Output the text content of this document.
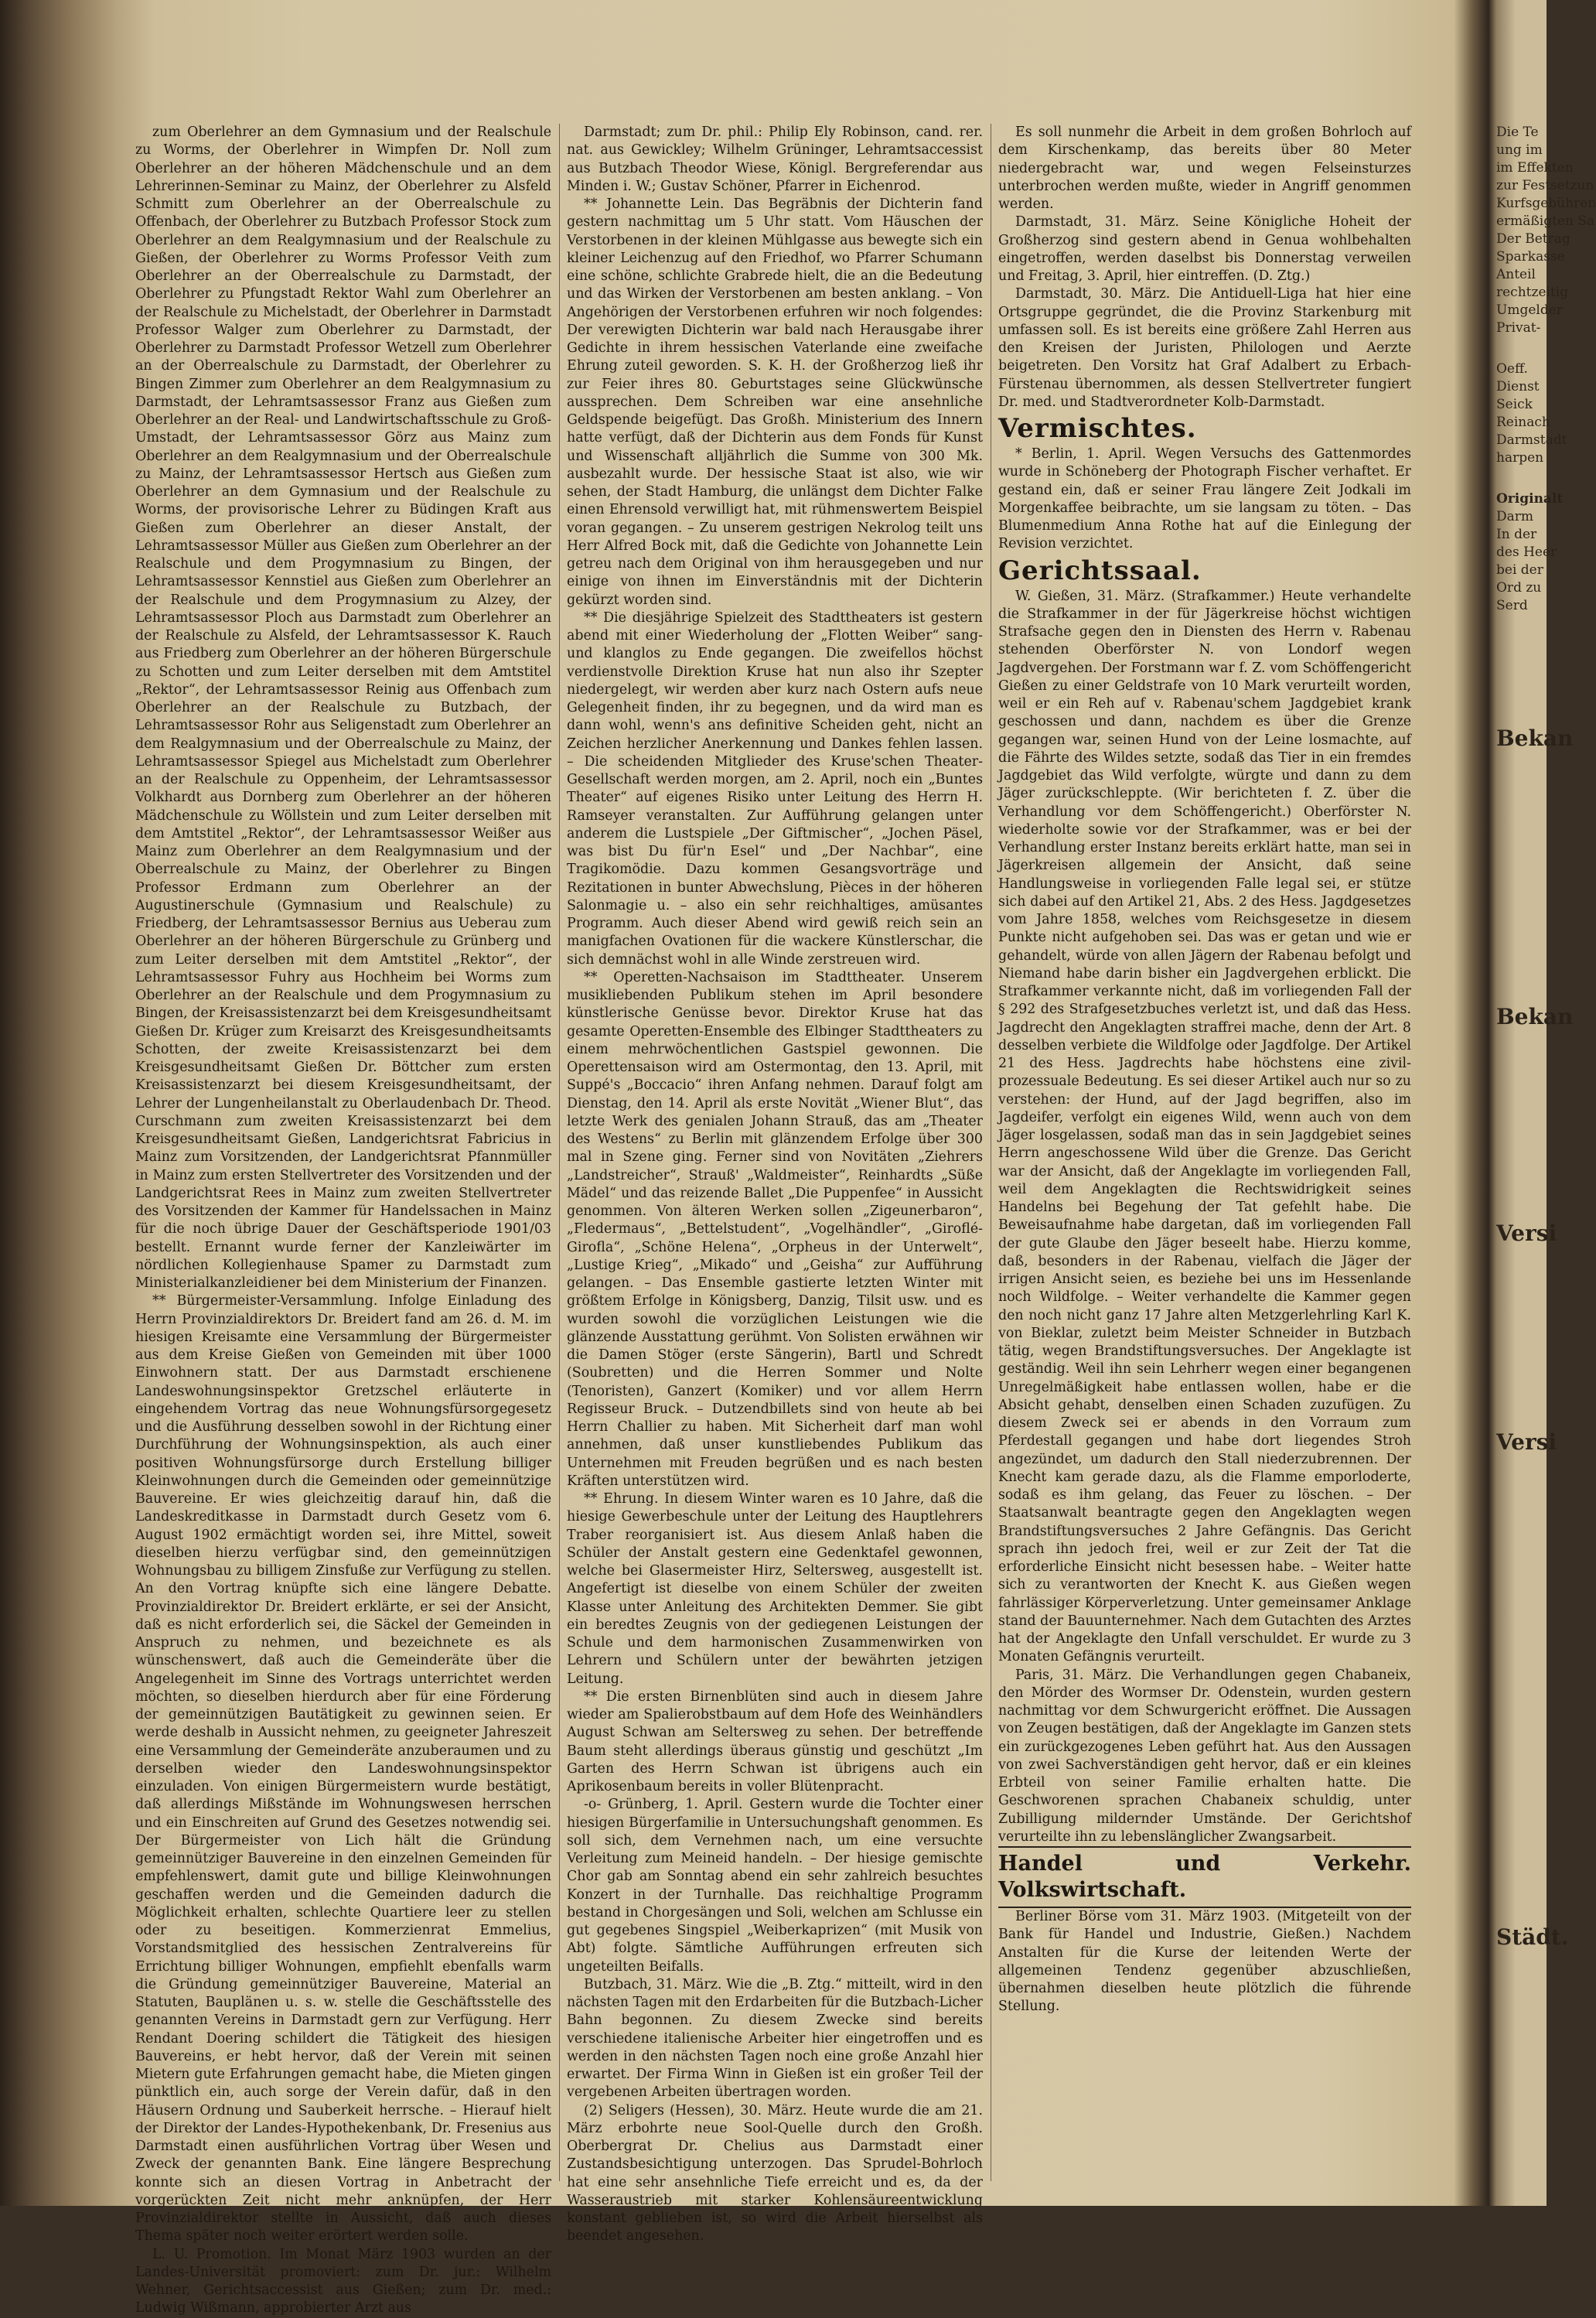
zum Oberlehrer an dem Gymnasium und der Realschule zu Worms, der Oberlehrer in Wimpfen Dr. Noll zum Oberlehrer an der höheren Mädchenschule und an dem Lehrerinnen-Seminar zu Mainz, der Oberlehrer zu Alsfeld Schmitt zum Oberlehrer an der Oberrealschule zu Offenbach, der Oberlehrer zu Butzbach Professor Stock zum Oberlehrer an dem Realgymnasium und der Realschule zu Gießen, der Oberlehrer zu Worms Professor Veith zum Oberlehrer an der Oberrealschule zu Darmstadt, der Oberlehrer zu Pfungstadt Rektor Wahl zum Oberlehrer an der Realschule zu Michelstadt, der Oberlehrer in Darmstadt Professor Walger zum Oberlehrer zu Darmstadt, der Oberlehrer zu Darmstadt Professor Wetzell zum Oberlehrer an der Oberrealschule zu Darmstadt, der Oberlehrer zu Bingen Zimmer zum Oberlehrer an dem Realgymnasium zu Darmstadt, der Lehramtsassessor Franz aus Gießen zum Oberlehrer an der Real- und Landwirtschaftsschule zu Groß-Umstadt, der Lehramtsassessor Görz aus Mainz zum Oberlehrer an dem Realgymnasium und der Oberrealschule zu Mainz, der Lehramtsassessor Hertsch aus Gießen zum Oberlehrer an dem Gymnasium und der Realschule zu Worms, der provisorische Lehrer zu Büdingen Kraft aus Gießen zum Oberlehrer an dieser Anstalt, der Lehramtsassessor Müller aus Gießen zum Oberlehrer an der Realschule und dem Progymnasium zu Bingen, der Lehramtsassessor Kennstiel aus Gießen zum Oberlehrer an der Realschule und dem Progymnasium zu Alzey, der Lehramtsassessor Ploch aus Darmstadt zum Oberlehrer an der Realschule zu Alsfeld, der Lehramtsassessor K. Rauch aus Friedberg zum Oberlehrer an der höheren Bürgerschule zu Schotten und zum Leiter derselben mit dem Amtstitel „Rektor“, der Lehramtsassessor Reinig aus Offenbach zum Oberlehrer an der Realschule zu Butzbach, der Lehramtsassessor Rohr aus Seligenstadt zum Oberlehrer an dem Realgymnasium und der Oberrealschule zu Mainz, der Lehramtsassessor Spiegel aus Michelstadt zum Oberlehrer an der Realschule zu Oppenheim, der Lehramtsassessor Volkhardt aus Dornberg zum Oberlehrer an der höheren Mädchenschule zu Wöllstein und zum Leiter derselben mit dem Amtstitel „Rektor“, der Lehramtsassessor Weißer aus Mainz zum Oberlehrer an dem Realgymnasium und der Oberrealschule zu Mainz, der Oberlehrer zu Bingen Professor Erdmann zum Oberlehrer an der Augustinerschule (Gymnasium und Realschule) zu Friedberg, der Lehramtsassessor Bernius aus Ueberau zum Oberlehrer an der höheren Bürgerschule zu Grünberg und zum Leiter derselben mit dem Amtstitel „Rektor“, der Lehramtsassessor Fuhry aus Hochheim bei Worms zum Oberlehrer an der Realschule und dem Progymnasium zu Bingen, der Kreisassistenzarzt bei dem Kreisgesundheitsamt Gießen Dr. Krüger zum Kreisarzt des Kreisgesundheitsamts Schotten, der zweite Kreisassistenzarzt bei dem Kreisgesundheitsamt Gießen Dr. Böttcher zum ersten Kreisassistenzarzt bei diesem Kreisgesundheitsamt, der Lehrer der Lungenheilanstalt zu Oberlaudenbach Dr. Theod. Curschmann zum zweiten Kreisassistenzarzt bei dem Kreisgesundheitsamt Gießen, Landgerichtsrat Fabricius in Mainz zum Vorsitzenden, der Landgerichtsrat Pfannmüller in Mainz zum ersten Stellvertreter des Vorsitzenden und der Landgerichtsrat Rees in Mainz zum zweiten Stellvertreter des Vorsitzenden der Kammer für Handelssachen in Mainz für die noch übrige Dauer der Geschäftsperiode 1901/03 bestellt. Ernannt wurde ferner der Kanzleiwärter im nördlichen Kollegienhause Spamer zu Darmstadt zum Ministerialkanzleidiener bei dem Ministerium der Finanzen.

** Bürgermeister-Versammlung. Infolge Einladung des Herrn Provinzialdirektors Dr. Breidert fand am 26. d. M. im hiesigen Kreisamte eine Versammlung der Bürgermeister aus dem Kreise Gießen von Gemeinden mit über 1000 Einwohnern statt. Der aus Darmstadt erschienene Landeswohnungsinspektor Gretzschel erläuterte in eingehendem Vortrag das neue Wohnungsfürsorgegesetz und die Ausführung desselben sowohl in der Richtung einer Durchführung der Wohnungsinspektion, als auch einer positiven Wohnungsfürsorge durch Erstellung billiger Kleinwohnungen durch die Gemeinden oder gemeinnützige Bauvereine. Er wies gleichzeitig darauf hin, daß die Landeskreditkasse in Darmstadt durch Gesetz vom 6. August 1902 ermächtigt worden sei, ihre Mittel, soweit dieselben hierzu verfügbar sind, den gemeinnützigen Wohnungsbau zu billigem Zinsfuße zur Verfügung zu stellen. An den Vortrag knüpfte sich eine längere Debatte. Provinzialdirektor Dr. Breidert erklärte, er sei der Ansicht, daß es nicht erforderlich sei, die Säckel der Gemeinden in Anspruch zu nehmen, und bezeichnete es als wünschenswert, daß auch die Gemeinderäte über die Angelegenheit im Sinne des Vortrags unterrichtet werden möchten, so dieselben hierdurch aber für eine Förderung der gemeinnützigen Bautätigkeit zu gewinnen seien. Er werde deshalb in Aussicht nehmen, zu geeigneter Jahreszeit eine Versammlung der Gemeinderäte anzuberaumen und zu derselben wieder den Landeswohnungsinspektor einzuladen. Von einigen Bürgermeistern wurde bestätigt, daß allerdings Mißstände im Wohnungswesen herrschen und ein Einschreiten auf Grund des Gesetzes notwendig sei. Der Bürgermeister von Lich hält die Gründung gemeinnütziger Bauvereine in den einzelnen Gemeinden für empfehlenswert, damit gute und billige Kleinwohnungen geschaffen werden und die Gemeinden dadurch die Möglichkeit erhalten, schlechte Quartiere leer zu stellen oder zu beseitigen. Kommerzienrat Emmelius, Vorstandsmitglied des hessischen Zentralvereins für Errichtung billiger Wohnungen, empfiehlt ebenfalls warm die Gründung gemeinnütziger Bauvereine, Material an Statuten, Bauplänen u. s. w. stelle die Geschäftsstelle des genannten Vereins in Darmstadt gern zur Verfügung. Herr Rendant Doering schildert die Tätigkeit des hiesigen Bauvereins, er hebt hervor, daß der Verein mit seinen Mietern gute Erfahrungen gemacht habe, die Mieten gingen pünktlich ein, auch sorge der Verein dafür, daß in den Häusern Ordnung und Sauberkeit herrsche. – Hierauf hielt der Direktor der Landes-Hypothekenbank, Dr. Fresenius aus Darmstadt einen ausführlichen Vortrag über Wesen und Zweck der genannten Bank. Eine längere Besprechung konnte sich an diesen Vortrag in Anbetracht der vorgerückten Zeit nicht mehr anknüpfen, der Herr Provinzialdirektor stellte in Aussicht, daß auch dieses Thema später noch weiter erörtert werden solle.

L. U. Promotion. Im Monat März 1903 wurden an der Landes-Universität promoviert: zum Dr. jur.: Wilhelm Wehner, Gerichtsaccessist aus Gießen; zum Dr. med.: Ludwig Wißmann, approbierter Arzt aus

Darmstadt; zum Dr. phil.: Philip Ely Robinson, cand. rer. nat. aus Gewickley; Wilhelm Grüninger, Lehramtsaccessist aus Butzbach Theodor Wiese, Königl. Bergreferendar aus Minden i. W.; Gustav Schöner, Pfarrer in Eichenrod.

** Johannette Lein. Das Begräbnis der Dichterin fand gestern nachmittag um 5 Uhr statt. Vom Häuschen der Verstorbenen in der kleinen Mühlgasse aus bewegte sich ein kleiner Leichenzug auf den Friedhof, wo Pfarrer Schumann eine schöne, schlichte Grabrede hielt, die an die Bedeutung und das Wirken der Verstorbenen am besten anklang. – Von Angehörigen der Verstorbenen erfuhren wir noch folgendes: Der verewigten Dichterin war bald nach Herausgabe ihrer Gedichte in ihrem hessischen Vaterlande eine zweifache Ehrung zuteil geworden. S. K. H. der Großherzog ließ ihr zur Feier ihres 80. Geburtstages seine Glückwünsche aussprechen. Dem Schreiben war eine ansehnliche Geldspende beigefügt. Das Großh. Ministerium des Innern hatte verfügt, daß der Dichterin aus dem Fonds für Kunst und Wissenschaft alljährlich die Summe von 300 Mk. ausbezahlt wurde. Der hessische Staat ist also, wie wir sehen, der Stadt Hamburg, die unlängst dem Dichter Falke einen Ehrensold verwilligt hat, mit rühmenswertem Beispiel voran gegangen. – Zu unserem gestrigen Nekrolog teilt uns Herr Alfred Bock mit, daß die Gedichte von Johannette Lein getreu nach dem Original von ihm herausgegeben und nur einige von ihnen im Einverständnis mit der Dichterin gekürzt worden sind.

** Die diesjährige Spielzeit des Stadttheaters ist gestern abend mit einer Wiederholung der „Flotten Weiber“ sang- und klanglos zu Ende gegangen. Die zweifellos höchst verdienstvolle Direktion Kruse hat nun also ihr Szepter niedergelegt, wir werden aber kurz nach Ostern aufs neue Gelegenheit finden, ihr zu begegnen, und da wird man es dann wohl, wenn's ans definitive Scheiden geht, nicht an Zeichen herzlicher Anerkennung und Dankes fehlen lassen. – Die scheidenden Mitglieder des Kruse'schen Theater-Gesellschaft werden morgen, am 2. April, noch ein „Buntes Theater“ auf eigenes Risiko unter Leitung des Herrn H. Ramseyer veranstalten. Zur Aufführung gelangen unter anderem die Lustspiele „Der Giftmischer“, „Jochen Päsel, was bist Du für'n Esel“ und „Der Nachbar“, eine Tragikomödie. Dazu kommen Gesangsvorträge und Rezitationen in bunter Abwechslung, Pièces in der höheren Salonmagie u. – also ein sehr reichhaltiges, amüsantes Programm. Auch dieser Abend wird gewiß reich sein an manigfachen Ovationen für die wackere Künstlerschar, die sich demnächst wohl in alle Winde zerstreuen wird.

** Operetten-Nachsaison im Stadttheater. Unserem musikliebenden Publikum stehen im April besondere künstlerische Genüsse bevor. Direktor Kruse hat das gesamte Operetten-Ensemble des Elbinger Stadttheaters zu einem mehrwöchentlichen Gastspiel gewonnen. Die Operettensaison wird am Ostermontag, den 13. April, mit Suppé's „Boccacio“ ihren Anfang nehmen. Darauf folgt am Dienstag, den 14. April als erste Novität „Wiener Blut“, das letzte Werk des genialen Johann Strauß, das am „Theater des Westens“ zu Berlin mit glänzendem Erfolge über 300 mal in Szene ging. Ferner sind von Novitäten „Ziehrers „Landstreicher“, Strauß' „Waldmeister“, Reinhardts „Süße Mädel“ und das reizende Ballet „Die Puppenfee“ in Aussicht genommen. Von älteren Werken sollen „Zigeunerbaron“, „Fledermaus“, „Bettelstudent“, „Vogelhändler“, „Giroflé-Girofla“, „Schöne Helena“, „Orpheus in der Unterwelt“, „Lustige Krieg“, „Mikado“ und „Geisha“ zur Aufführung gelangen. – Das Ensemble gastierte letzten Winter mit größtem Erfolge in Königsberg, Danzig, Tilsit usw. und es wurden sowohl die vorzüglichen Leistungen wie die glänzende Ausstattung gerühmt. Von Solisten erwähnen wir die Damen Stöger (erste Sängerin), Bartl und Schredt (Soubretten) und die Herren Sommer und Nolte (Tenoristen), Ganzert (Komiker) und vor allem Herrn Regisseur Bruck. – Dutzendbillets sind von heute ab bei Herrn Challier zu haben. Mit Sicherheit darf man wohl annehmen, daß unser kunstliebendes Publikum das Unternehmen mit Freuden begrüßen und es nach besten Kräften unterstützen wird.

** Ehrung. In diesem Winter waren es 10 Jahre, daß die hiesige Gewerbeschule unter der Leitung des Hauptlehrers Traber reorganisiert ist. Aus diesem Anlaß haben die Schüler der Anstalt gestern eine Gedenktafel gewonnen, welche bei Glasermeister Hirz, Seltersweg, ausgestellt ist. Angefertigt ist dieselbe von einem Schüler der zweiten Klasse unter Anleitung des Architekten Demmer. Sie gibt ein beredtes Zeugnis von der gediegenen Leistungen der Schule und dem harmonischen Zusammenwirken von Lehrern und Schülern unter der bewährten jetzigen Leitung.

** Die ersten Birnenblüten sind auch in diesem Jahre wieder am Spalierobstbaum auf dem Hofe des Weinhändlers August Schwan am Seltersweg zu sehen. Der betreffende Baum steht allerdings überaus günstig und geschützt „Im Garten des Herrn Schwan ist übrigens auch ein Aprikosenbaum bereits in voller Blütenpracht.

-o- Grünberg, 1. April. Gestern wurde die Tochter einer hiesigen Bürgerfamilie in Untersuchungshaft genommen. Es soll sich, dem Vernehmen nach, um eine versuchte Verleitung zum Meineid handeln. – Der hiesige gemischte Chor gab am Sonntag abend ein sehr zahlreich besuchtes Konzert in der Turnhalle. Das reichhaltige Programm bestand in Chorgesängen und Soli, welchen am Schlusse ein gut gegebenes Singspiel „Weiberkaprizen“ (mit Musik von Abt) folgte. Sämtliche Aufführungen erfreuten sich ungeteilten Beifalls.

Butzbach, 31. März. Wie die „B. Ztg.“ mitteilt, wird in den nächsten Tagen mit den Erdarbeiten für die Butzbach-Licher Bahn begonnen. Zu diesem Zwecke sind bereits verschiedene italienische Arbeiter hier eingetroffen und es werden in den nächsten Tagen noch eine große Anzahl hier erwartet. Der Firma Winn in Gießen ist ein großer Teil der vergebenen Arbeiten übertragen worden.

(2) Seligers (Hessen), 30. März. Heute wurde die am 21. März erbohrte neue Sool-Quelle durch den Großh. Oberbergrat Dr. Chelius aus Darmstadt einer Zustandsbesichtigung unterzogen. Das Sprudel-Bohrloch hat eine sehr ansehnliche Tiefe erreicht und es, da der Wasseraustrieb mit starker Kohlensäureentwicklung konstant geblieben ist, so wird die Arbeit hierselbst als beendet angesehen.

Es soll nunmehr die Arbeit in dem großen Bohrloch auf dem Kirschenkamp, das bereits über 80 Meter niedergebracht war, und wegen Felseinsturzes unterbrochen werden mußte, wieder in Angriff genommen werden.

Darmstadt, 31. März. Seine Königliche Hoheit der Großherzog sind gestern abend in Genua wohlbehalten eingetroffen, werden daselbst bis Donnerstag verweilen und Freitag, 3. April, hier eintreffen. (D. Ztg.)

Darmstadt, 30. März. Die Antiduell-Liga hat hier eine Ortsgruppe gegründet, die die Provinz Starkenburg mit umfassen soll. Es ist bereits eine größere Zahl Herren aus den Kreisen der Juristen, Philologen und Aerzte beigetreten. Den Vorsitz hat Graf Adalbert zu Erbach-Fürstenau übernommen, als dessen Stellvertreter fungiert Dr. med. und Stadtverordneter Kolb-Darmstadt.

Vermischtes.

* Berlin, 1. April. Wegen Versuchs des Gattenmordes wurde in Schöneberg der Photograph Fischer verhaftet. Er gestand ein, daß er seiner Frau längere Zeit Jodkali im Morgenkaffee beibrachte, um sie langsam zu töten. – Das Blumenmedium Anna Rothe hat auf die Einlegung der Revision verzichtet.

Gerichtssaal.

W. Gießen, 31. März. (Strafkammer.) Heute verhandelte die Strafkammer in der für Jägerkreise höchst wichtigen Strafsache gegen den in Diensten des Herrn v. Rabenau stehenden Oberförster N. von Londorf wegen Jagdvergehen. Der Forstmann war f. Z. vom Schöffengericht Gießen zu einer Geldstrafe von 10 Mark verurteilt worden, weil er ein Reh auf v. Rabenau'schem Jagdgebiet krank geschossen und dann, nachdem es über die Grenze gegangen war, seinen Hund von der Leine losmachte, auf die Fährte des Wildes setzte, sodaß das Tier in ein fremdes Jagdgebiet das Wild verfolgte, würgte und dann zu dem Jäger zurückschleppte. (Wir berichteten f. Z. über die Verhandlung vor dem Schöffengericht.) Oberförster N. wiederholte sowie vor der Strafkammer, was er bei der Verhandlung erster Instanz bereits erklärt hatte, man sei in Jägerkreisen allgemein der Ansicht, daß seine Handlungsweise in vorliegenden Falle legal sei, er stütze sich dabei auf den Artikel 21, Abs. 2 des Hess. Jagdgesetzes vom Jahre 1858, welches vom Reichsgesetze in diesem Punkte nicht aufgehoben sei. Das was er getan und wie er gehandelt, würde von allen Jägern der Rabenau befolgt und Niemand habe darin bisher ein Jagdvergehen erblickt. Die Strafkammer verkannte nicht, daß im vorliegenden Fall der § 292 des Strafgesetzbuches verletzt ist, und daß das Hess. Jagdrecht den Angeklagten straffrei mache, denn der Art. 8 desselben verbiete die Wildfolge oder Jagdfolge. Der Artikel 21 des Hess. Jagdrechts habe höchstens eine zivil-prozessuale Bedeutung. Es sei dieser Artikel auch nur so zu verstehen: der Hund, auf der Jagd begriffen, also im Jagdeifer, verfolgt ein eigenes Wild, wenn auch von dem Jäger losgelassen, sodaß man das in sein Jagdgebiet seines Herrn angeschossene Wild über die Grenze. Das Gericht war der Ansicht, daß der Angeklagte im vorliegenden Fall, weil dem Angeklagten die Rechtswidrigkeit seines Handelns bei Begehung der Tat gefehlt habe. Die Beweisaufnahme habe dargetan, daß im vorliegenden Fall der gute Glaube den Jäger beseelt habe. Hierzu komme, daß, besonders in der Rabenau, vielfach die Jäger der irrigen Ansicht seien, es beziehe bei uns im Hessenlande noch Wildfolge. – Weiter verhandelte die Kammer gegen den noch nicht ganz 17 Jahre alten Metzgerlehrling Karl K. von Bieklar, zuletzt beim Meister Schneider in Butzbach tätig, wegen Brandstiftungsversuches. Der Angeklagte ist geständig. Weil ihn sein Lehrherr wegen einer begangenen Unregelmäßigkeit habe entlassen wollen, habe er die Absicht gehabt, denselben einen Schaden zuzufügen. Zu diesem Zweck sei er abends in den Vorraum zum Pferdestall gegangen und habe dort liegendes Stroh angezündet, um dadurch den Stall niederzubrennen. Der Knecht kam gerade dazu, als die Flamme emporloderte, sodaß es ihm gelang, das Feuer zu löschen. – Der Staatsanwalt beantragte gegen den Angeklagten wegen Brandstiftungsversuches 2 Jahre Gefängnis. Das Gericht sprach ihn jedoch frei, weil er zur Zeit der Tat die erforderliche Einsicht nicht besessen habe. – Weiter hatte sich zu verantworten der Knecht K. aus Gießen wegen fahrlässiger Körperverletzung. Unter gemeinsamer Anklage stand der Bauunternehmer. Nach dem Gutachten des Arztes hat der Angeklagte den Unfall verschuldet. Er wurde zu 3 Monaten Gefängnis verurteilt.

Paris, 31. März. Die Verhandlungen gegen Chabaneix, den Mörder des Wormser Dr. Odenstein, wurden gestern nachmittag vor dem Schwurgericht eröffnet. Die Aussagen von Zeugen bestätigen, daß der Angeklagte im Ganzen stets ein zurückgezogenes Leben geführt hat. Aus den Aussagen von zwei Sachverständigen geht hervor, daß er ein kleines Erbteil von seiner Familie erhalten hatte. Die Geschworenen sprachen Chabaneix schuldig, unter Zubilligung mildernder Umstände. Der Gerichtshof verurteilte ihn zu lebenslänglicher Zwangsarbeit.

Handel und Verkehr. Volkswirtschaft.

Berliner Börse vom 31. März 1903. (Mitgeteilt von der Bank für Handel und Industrie, Gießen.) Nachdem Anstalten für die Kurse der leitenden Werte der allgemeinen Tendenz gegenüber abzuschließen, übernahmen dieselben heute plötzlich die führende Stellung.

Die Te
ung im
im Effekten
zur Festsetzun
Kurfsgebühren
ermäßigten Sa
Der Betrag
Sparkasse
Anteil
rechtzeitig
Umgelder
Privat-
Oeff.
Dienst
Seick
Reinach
Darmstadt
harpen
Originalt
Darm
In der
des Heer
bei der
Ord zu
Serd
Bekan
Bekan
Versi
Versi
Städt.
